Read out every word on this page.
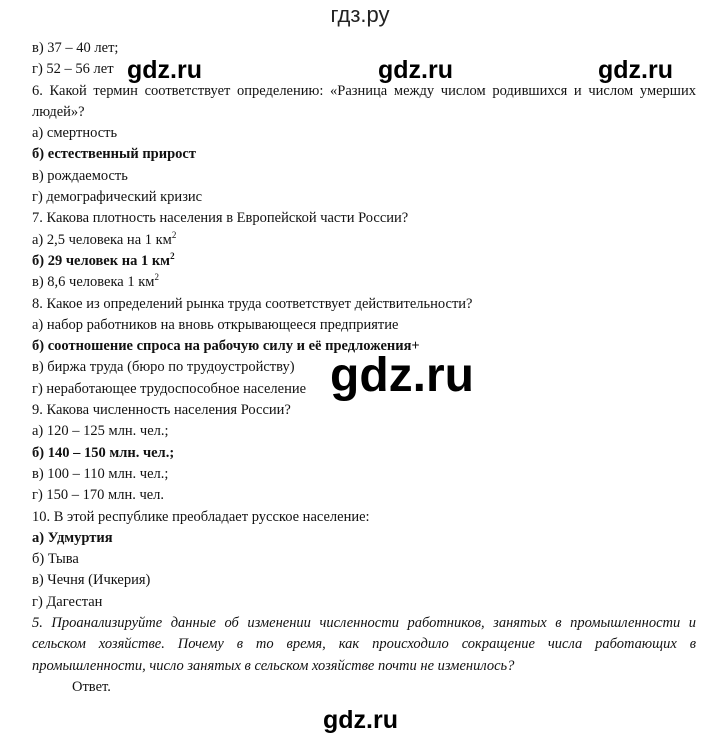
гдз.ру
в) 37 – 40 лет;
г) 52 – 56 лет
6. Какой термин соответствует определению: «Разница между числом родившихся и числом умерших людей»?
а) смертность
б) естественный прирост
в) рождаемость
г) демографический кризис
7. Какова плотность населения в Европейской части России?
а) 2,5 человека на 1 $км^2$
б) 29 человек на 1 $км^2$
в) 8,6 человека 1 $км^2$
8. Какое из определений рынка труда соответствует действительности?
а) набор работников на вновь открывающееся предприятие
б) соотношение спроса на рабочую силу и её предложения+
в) биржа труда (бюро по трудоустройству)
г) неработающее трудоспособное население
9. Какова численность населения России?
а) 120 – 125 млн. чел.;
б) 140 – 150 млн. чел.;
в) 100 – 110 млн. чел.;
г) 150 – 170 млн. чел.
10. В этой республике преобладает русское население:
а) Удмуртия
б) Тыва
в) Чечня (Ичкерия)
г) Дагестан
5. Проанализируйте данные об изменении численности работников, занятых в промышленности и сельском хозяйстве. Почему в то время, как происходило сокращение числа работающих в промышленности, число занятых в сельском хозяйстве почти не изменилось?
Ответ.
gdz.ru	gdz.ru	gdz.ru
gdz.ru
gdz.ru
